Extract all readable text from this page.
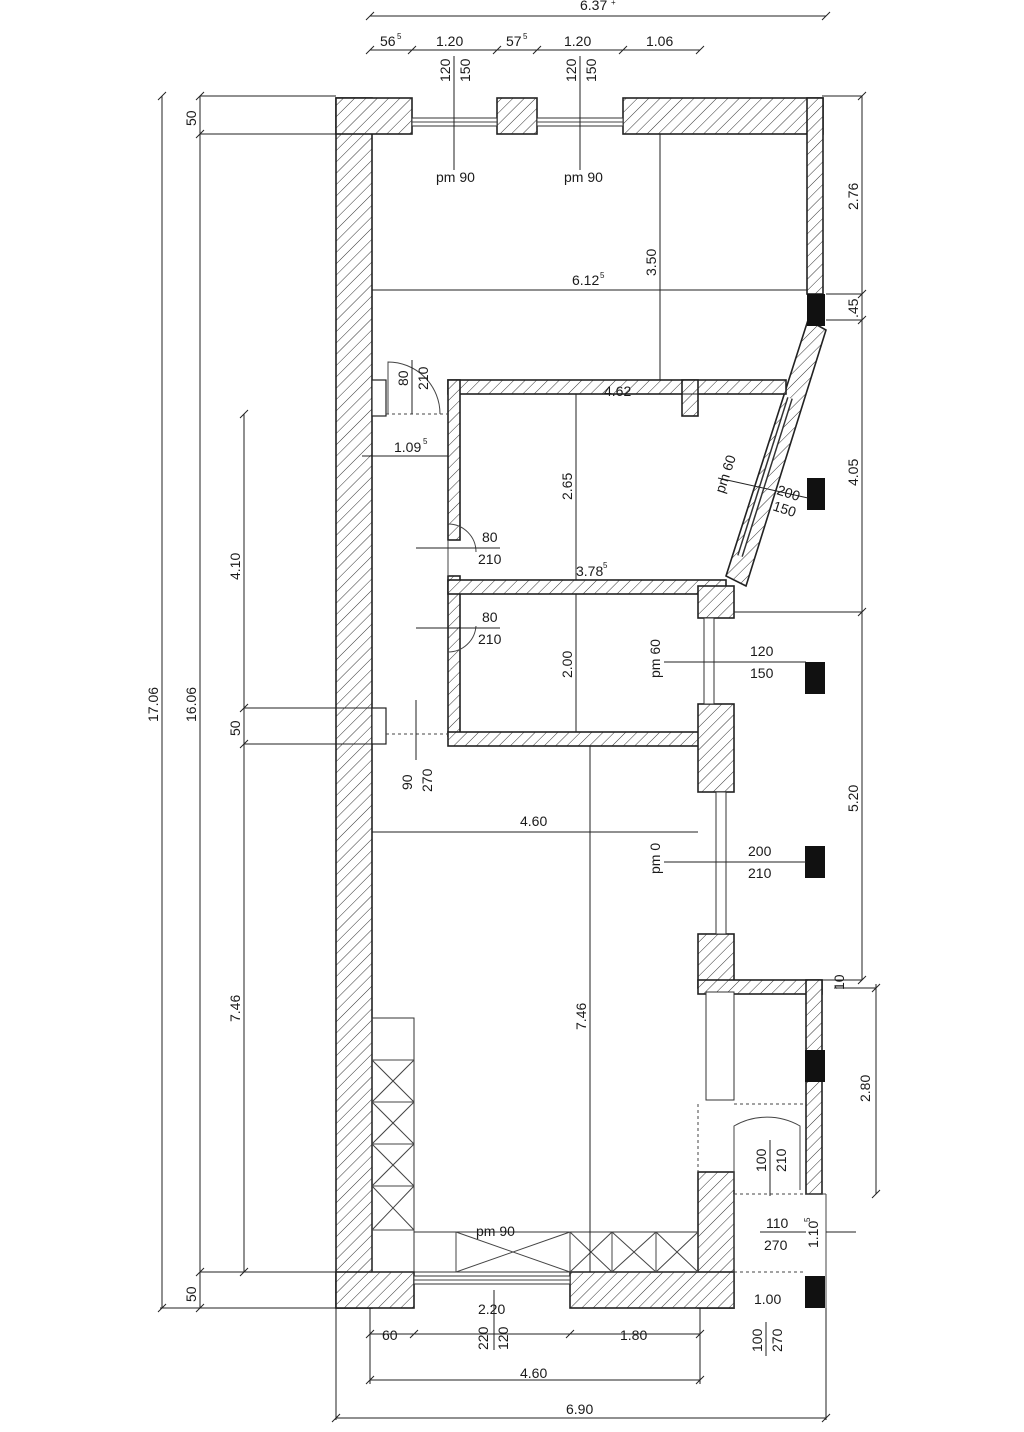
6.37 +
56 5 1.20	57 5	1.20	1.06
120 150	120 150
pm 90	pm 90
6.12 5	3.50
2.76
.45
4.05
5.20
10
2.80
1.10
5
17.06 16.06
50
50
4.10
50
7.46
80 210
1.09 5
4.62
2.65
80
210
3.78 5
80
210
2.00
pm 60	200
150
pm 60	120
150
90 270
4.60
7.46
pm 0	200
210
100 210
110
270
pm 90
2.20
60	220 120	1.80
1.00
100 270
4.60
6.90
